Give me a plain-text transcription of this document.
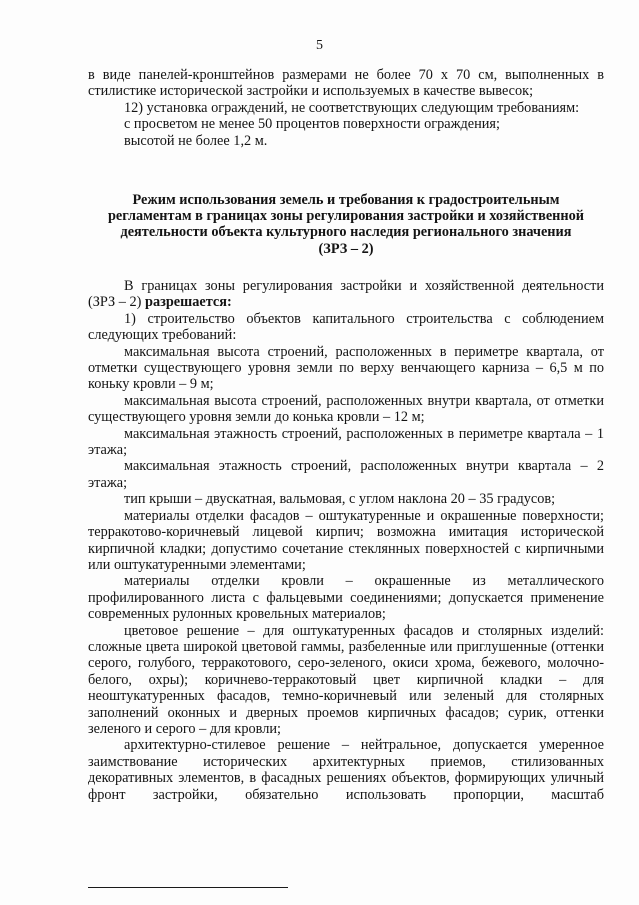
5

в виде панелей-кронштейнов размерами не более 70 х 70 см, выполненных в стилистике исторической застройки и используемых в качестве вывесок;

12) установка ограждений, не соответствующих следующим требованиям:

с просветом не менее 50 процентов поверхности ограждения;

высотой не более 1,2 м.

Режим использования земель и требования к градостроительным
регламентам в границах зоны регулирования застройки и хозяйственной
деятельности объекта культурного наследия регионального значения
(ЗРЗ – 2)

В границах зоны регулирования застройки и хозяйственной деятельности (ЗРЗ – 2) разрешается:

1) строительство объектов капитального строительства с соблюдением следующих требований:

максимальная высота строений, расположенных в периметре квартала, от отметки существующего уровня земли по верху венчающего карниза – 6,5 м по коньку кровли – 9 м;

максимальная высота строений, расположенных внутри квартала, от отметки существующего уровня земли до конька кровли – 12 м;

максимальная этажность строений, расположенных в периметре квартала – 1 этажа;

максимальная этажность строений, расположенных внутри квартала – 2 этажа;

тип крыши – двускатная, вальмовая, с углом наклона 20 – 35 градусов;

материалы отделки фасадов – оштукатуренные и окрашенные поверхности; терракотово-коричневый лицевой кирпич; возможна имитация исторической кирпичной кладки; допустимо сочетание стеклянных поверхностей с кирпичными или оштукатуренными элементами;

материалы отделки кровли – окрашенные из металлического профилированного листа с фальцевыми соединениями; допускается применение современных рулонных кровельных материалов;

цветовое решение – для оштукатуренных фасадов и столярных изделий: сложные цвета широкой цветовой гаммы, разбеленные или приглушенные (оттенки серого, голубого, терракотового, серо-зеленого, окиси хрома, бежевого, молочно-белого, охры); коричнево-терракотовый цвет кирпичной кладки – для неоштукатуренных фасадов, темно-коричневый или зеленый для столярных заполнений оконных и дверных проемов кирпичных фасадов; сурик, оттенки зеленого и серого – для кровли;

архитектурно-стилевое решение – нейтральное, допускается умеренное заимствование исторических архитектурных приемов, стилизованных декоративных элементов, в фасадных решениях объектов, формирующих уличный фронт застройки, обязательно использовать пропорции, масштаб
